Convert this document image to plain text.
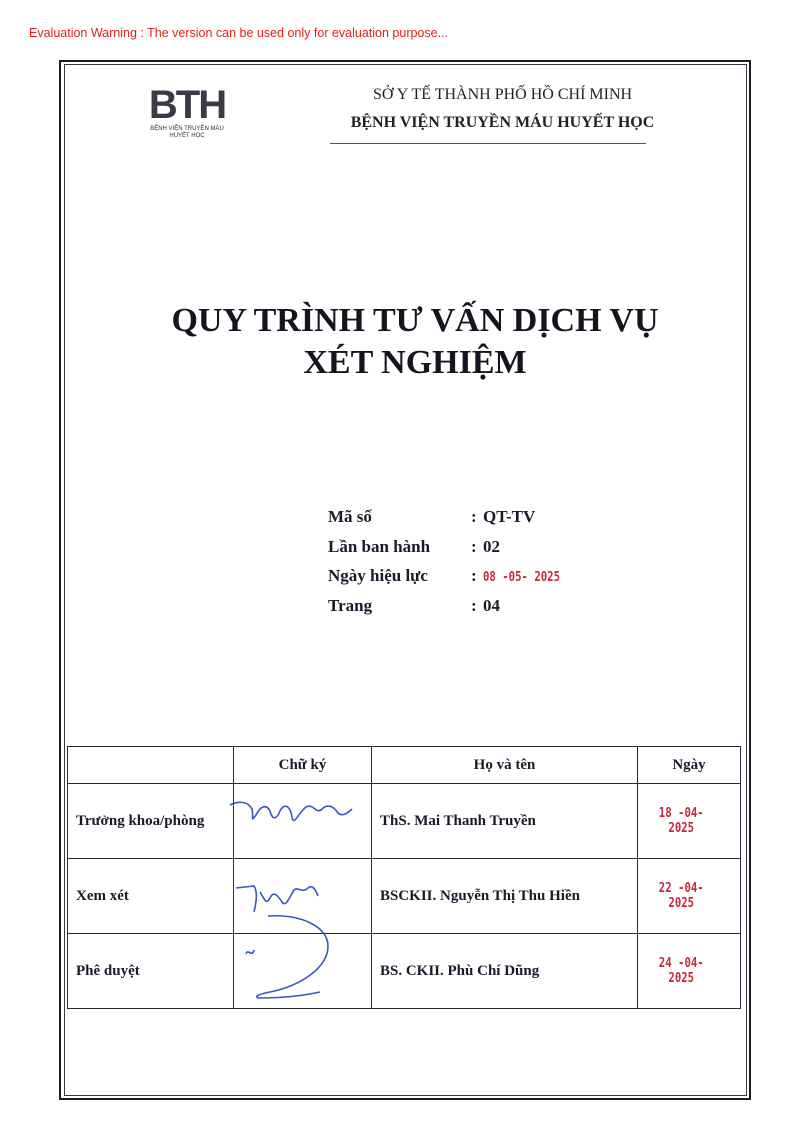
Evaluation Warning : The version can be used only for evaluation purpose...
BTH
BỆNH VIỆN TRUYỀN MÁU HUYẾT HỌC
SỞ Y TẾ THÀNH PHỐ HỒ CHÍ MINH
BỆNH VIỆN TRUYỀN MÁU HUYẾT HỌC
QUY TRÌNH TƯ VẤN DỊCH VỤ
XÉT NGHIỆM
Mã số	: QT-TV
Lần ban hành : 02
Ngày hiệu lực	: 08 -05- 2025
Trang	: 04
	Chữ ký	Họ và tên	Ngày
Trưởng khoa/phòng		ThS. Mai Thanh Truyền	18 -04- 2025
Xem xét		BSCKII. Nguyễn Thị Thu Hiền	22 -04- 2025
Phê duyệt		BS. CKII. Phù Chí Dũng	24 -04- 2025
